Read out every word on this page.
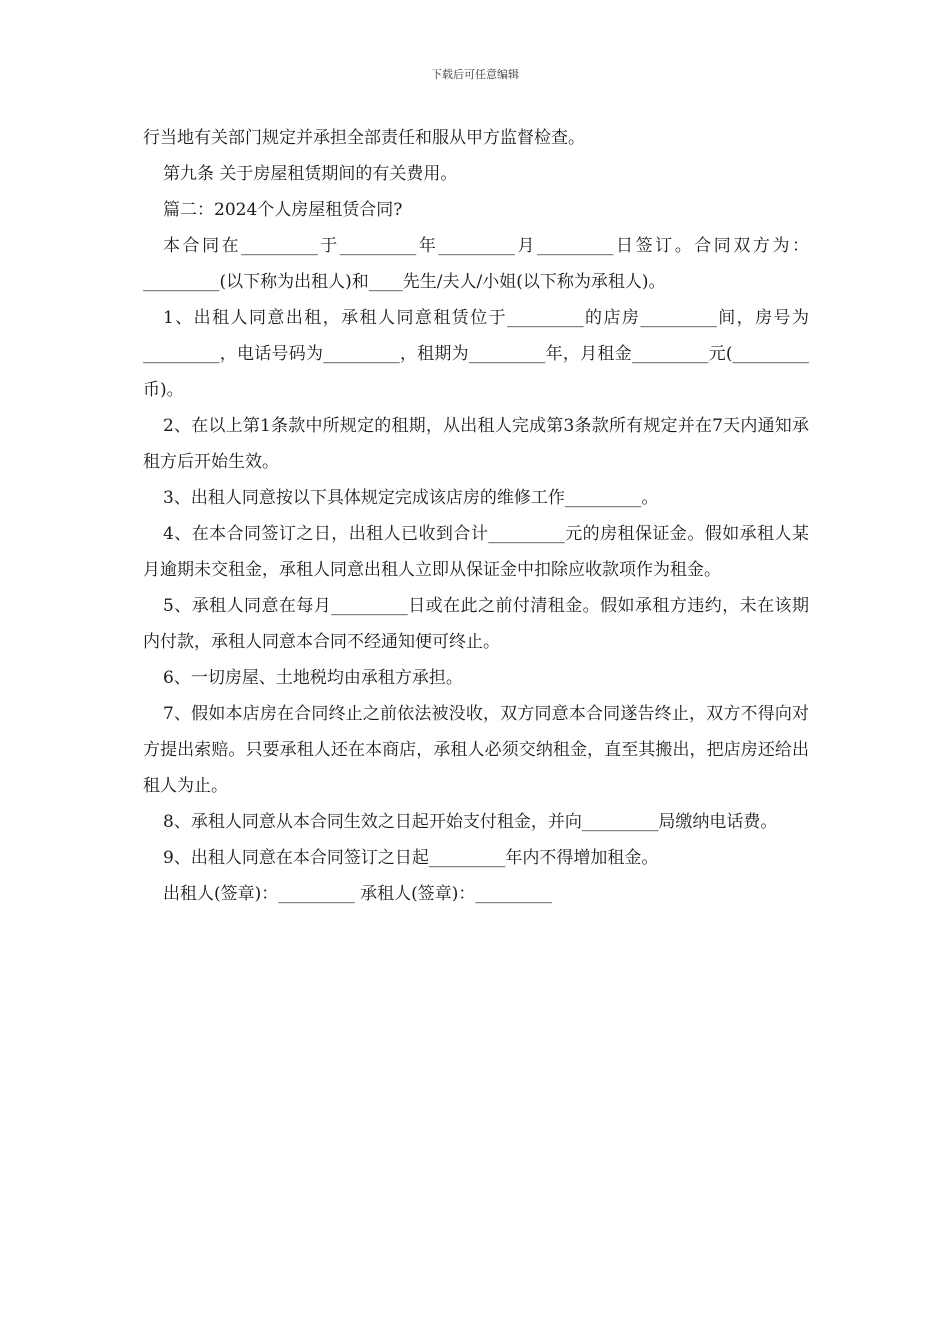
下载后可任意编辑

行当地有关部门规定并承担全部责任和服从甲方监督检查。

第九条 关于房屋租赁期间的有关费用。

篇二：2024个人房屋租赁合同?

本合同在_________于_________年_________月_________日签订。合同双方为：_________(以下称为出租人)和____先生/夫人/小姐(以下称为承租人)。

1、出租人同意出租，承租人同意租赁位于_________的店房_________间，房号为_________，电话号码为_________，租期为_________年，月租金_________元(_________币)。

2、在以上第1条款中所规定的租期，从出租人完成第3条款所有规定并在7天内通知承租方后开始生效。

3、出租人同意按以下具体规定完成该店房的维修工作_________。

4、在本合同签订之日，出租人已收到合计_________元的房租保证金。假如承租人某月逾期未交租金，承租人同意出租人立即从保证金中扣除应收款项作为租金。

5、承租人同意在每月_________日或在此之前付清租金。假如承租方违约，未在该期内付款，承租人同意本合同不经通知便可终止。

6、一切房屋、土地税均由承租方承担。

7、假如本店房在合同终止之前依法被没收，双方同意本合同遂告终止，双方不得向对方提出索赔。只要承租人还在本商店，承租人必须交纳租金，直至其搬出，把店房还给出租人为止。

8、承租人同意从本合同生效之日起开始支付租金，并向_________局缴纳电话费。

9、出租人同意在本合同签订之日起_________年内不得增加租金。

出租人(签章)：_________ 承租人(签章)：_________
